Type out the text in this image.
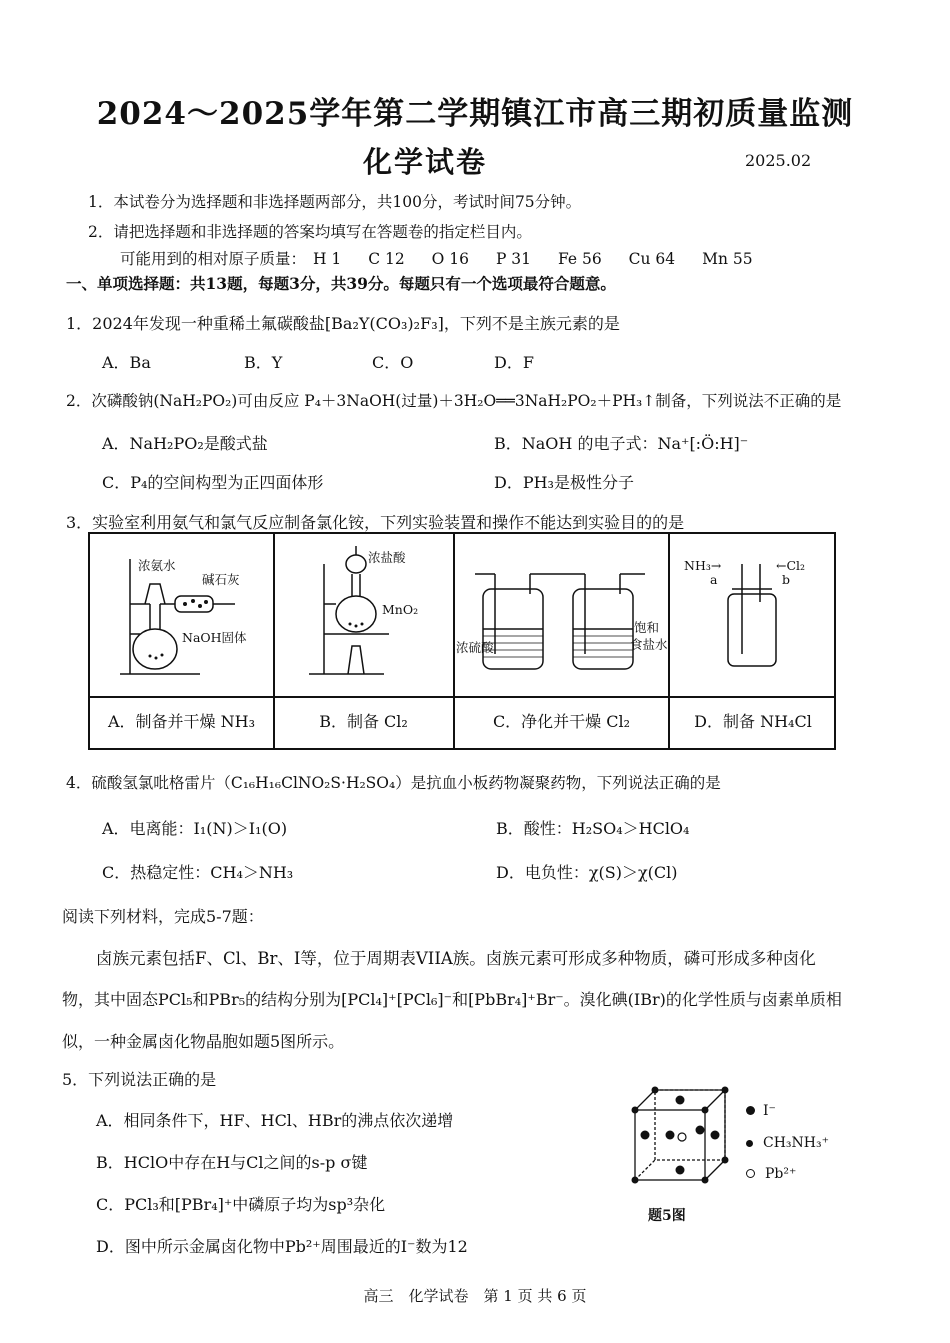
2024～2025学年第二学期镇江市高三期初质量监测
化学试卷	2025.02
1．本试卷分为选择题和非选择题两部分，共100分，考试时间75分钟。
2．请把选择题和非选择题的答案均填写在答题卷的指定栏目内。
可能用到的相对原子质量： H 1 C 12 O 16 P 31 Fe 56 Cu 64 Mn 55
一、单项选择题：共13题，每题3分，共39分。每题只有一个选项最符合题意。
1．2024年发现一种重稀土氟碳酸盐[Ba₂Y(CO₃)₂F₃]，下列不是主族元素的是
A．Ba	B．Y	C．O	D．F
2．次磷酸钠(NaH₂PO₂)可由反应 P₄＋3NaOH(过量)＋3H₂O══3NaH₂PO₂＋PH₃↑制备，下列说法不正确的是
A．NaH₂PO₂是酸式盐	B．NaOH 的电子式：Na⁺[:Ö:H]⁻
C．P₄的空间构型为正四面体形	D．PH₃是极性分子
3．实验室利用氨气和氯气反应制备氯化铵，下列实验装置和操作不能达到实验目的的是
浓氨水
碱石灰
NaOH固体
浓盐酸
MnO₂
浓硫酸
饱和
食盐水
NH₃→	←Cl₂
a	b
A．制备并干燥 NH₃	B．制备 Cl₂	C．净化并干燥 Cl₂	D．制备 NH₄Cl
4．硫酸氢氯吡格雷片（C₁₆H₁₆ClNO₂S·H₂SO₄）是抗血小板药物凝聚药物，下列说法正确的是
A．电离能：I₁(N)＞I₁(O)	B．酸性：H₂SO₄＞HClO₄
C．热稳定性：CH₄＞NH₃	D．电负性：χ(S)＞χ(Cl)
阅读下列材料，完成5-7题：
卤族元素包括F、Cl、Br、I等，位于周期表VIIA族。卤族元素可形成多种物质，磷可形成多种卤化
物，其中固态PCl₅和PBr₅的结构分别为[PCl₄]⁺[PCl₆]⁻和[PbBr₄]⁺Br⁻。溴化碘(IBr)的化学性质与卤素单质相
似，一种金属卤化物晶胞如题5图所示。
5．下列说法正确的是
A．相同条件下，HF、HCl、HBr的沸点依次递增
B．HClO中存在H与Cl之间的s-p σ键
C．PCl₃和[PBr₄]⁺中磷原子均为sp³杂化
D．图中所示金属卤化物中Pb²⁺周围最近的I⁻数为12
I⁻
CH₃NH₃⁺
Pb²⁺
题5图
高三　化学试卷　第 1 页 共 6 页
